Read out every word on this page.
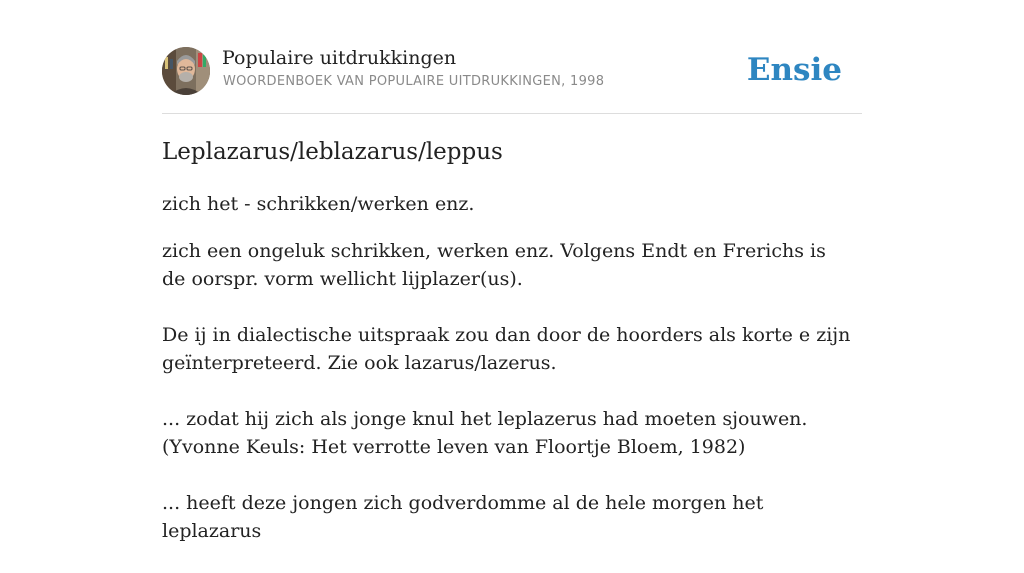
Populaire uitdrukkingen
WOORDENBOEK VAN POPULAIRE UITDRUKKINGEN, 1998	Ensie
Leplazarus/leblazarus/leppus
zich het - schrikken/werken enz.

zich een ongeluk schrikken, werken enz. Volgens Endt en Frerichs is de oorspr. vorm wellicht lijplazer(us).

De ij in dialectische uitspraak zou dan door de hoorders als korte e zijn geïnterpreteerd. Zie ook lazarus/lazerus.

... zodat hij zich als jonge knul het leplazerus had moeten sjouwen. (Yvonne Keuls: Het verrotte leven van Floortje Bloem, 1982)

... heeft deze jongen zich godverdomme al de hele morgen het leplazarus
